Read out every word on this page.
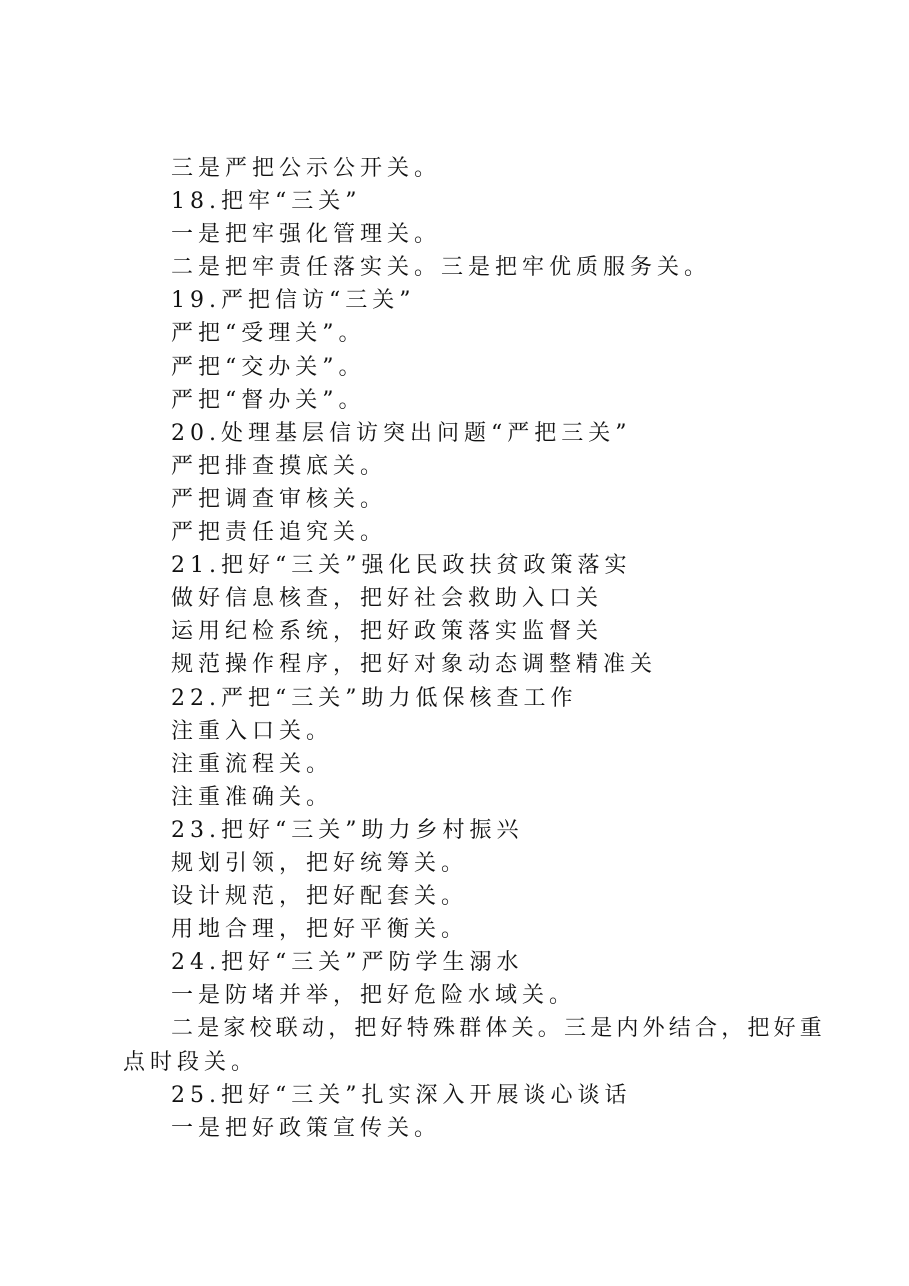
三是严把公示公开关。
18.把牢“三关”
一是把牢强化管理关。
二是把牢责任落实关。三是把牢优质服务关。
19.严把信访“三关”
严把“受理关”。
严把“交办关”。
严把“督办关”。
20.处理基层信访突出问题“严把三关”
严把排查摸底关。
严把调查审核关。
严把责任追究关。
21.把好“三关”强化民政扶贫政策落实
做好信息核查，把好社会救助入口关
运用纪检系统，把好政策落实监督关
规范操作程序，把好对象动态调整精准关
22.严把“三关”助力低保核查工作
注重入口关。
注重流程关。
注重准确关。
23.把好“三关”助力乡村振兴
规划引领，把好统筹关。
设计规范，把好配套关。
用地合理，把好平衡关。
24.把好“三关”严防学生溺水
一是防堵并举，把好危险水域关。
二是家校联动，把好特殊群体关。三是内外结合，把好重
点时段关。
25.把好“三关”扎实深入开展谈心谈话
一是把好政策宣传关。
